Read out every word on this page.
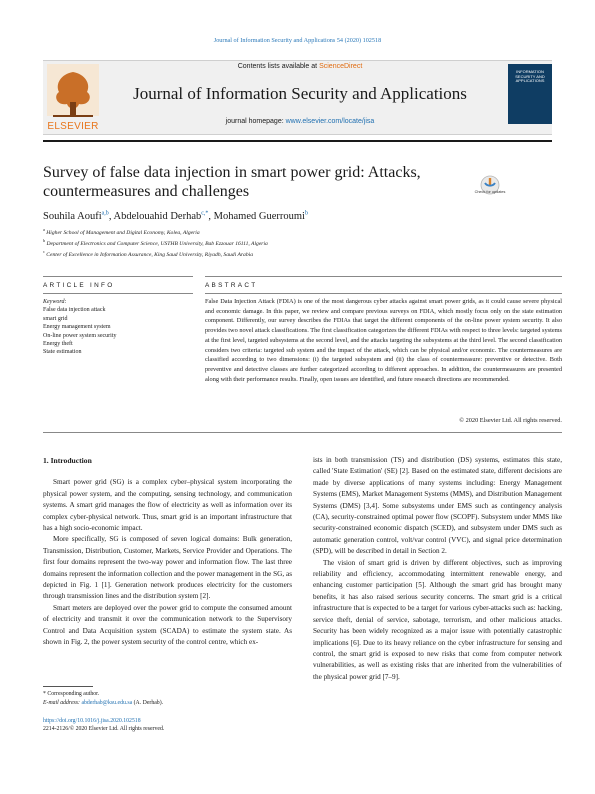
Journal of Information Security and Applications 54 (2020) 102518
ELSEVIER
Contents lists available at ScienceDirect
Journal of Information Security and Applications
journal homepage: www.elsevier.com/locate/jisa
INFORMATION SECURITY AND APPLICATIONS
Survey of false data injection in smart power grid: Attacks, countermeasures and challenges	Check for updates
Souhila Aoufi$^{a,b}$, Abdelouahid Derhab$^{c,*}$, Mohamed Guerroumi$^b$
$^a$ Higher School of Management and Digital Economy, Kolea, Algeria
$^b$ Department of Electronics and Computer Science, USTHB University, Bab Ezzouar 16111, Algeria
$^c$ Center of Excellence in Information Assurance, King Saud University, Riyadh, Saudi Arabia
ARTICLE INFO	ABSTRACT
Keyword:
False data injection attack
smart grid
Energy management system
On-line power system security
Energy theft
State estimation
False Data Injection Attack (FDIA) is one of the most dangerous cyber attacks against smart power grids, as it could cause severe physical and economic damage. In this paper, we review and compare previous surveys on FDIA, which mostly focus only on the state estimation component. Differently, our survey describes the FDIAs that target the different components of the on-line power system security. It also provides two novel attack classifications. The first classification categorizes the different FDIAs with respect to three levels: targeted systems at the first level, targeted subsystems at the second level, and the attacks targeting the subsystems at the third level. The second classification considers two criteria: targeted sub system and the impact of the attack, which can be physical and/or economic. The countermeasures are classified according to two dimensions: (i) the targeted subsystem and (ii) the class of countermeasure: preventive or detective. Both preventive and detective classes are further categorized according to different approaches. In addition, the countermeasures are presented along with their performance results. Finally, open issues are identified, and future research directions are recommended.
© 2020 Elsevier Ltd. All rights reserved.

1. Introduction

Smart power grid (SG) is a complex cyber–physical system incorporating the physical power system, and the computing, sensing technology, and communication systems. A smart grid manages the flow of electricity as well as information over its complex cyber-physical network. Thus, smart grid is an important infrastructure that has a high socio-economic impact.

More specifically, SG is composed of seven logical domains: Bulk generation, Transmission, Distribution, Customer, Markets, Service Provider and Operations. The first four domains represent the two-way power and information flow. The last three domains represent the information collection and the power management in the SG, as depicted in Fig. 1 [1]. Generation network produces electricity for the customers through transmission lines and the distribution system [2].

Smart meters are deployed over the power grid to compute the consumed amount of electricity and transmit it over the communication network to the Supervisory Control and Data Acquisition system (SCADA) to estimate the system state. As shown in Fig. 2, the power system security of the control centre, which ex-

ists in both transmission (TS) and distribution (DS) systems, estimates this state, called 'State Estimation' (SE) [2]. Based on the estimated state, different decisions are made by diverse applications of many systems including: Energy Management Systems (EMS), Market Management Systems (MMS), and Distribution Management Systems (DMS) [3,4]. Some subsystems under EMS such as contingency analysis (CA), security-constrained optimal power flow (SCOPF). Subsystem under MMS like security-constrained economic dispatch (SCED), and subsystem under DMS such as automatic generation control, volt/var control (VVC), and signal price determination (SPD), will be described in detail in Section 2.

The vision of smart grid is driven by different objectives, such as improving reliability and efficiency, accommodating intermittent renewable energy, and enhancing customer participation [5]. Although the smart grid has brought many benefits, it has also raised serious security concerns. The smart grid is a critical infrastructure that is expected to be a target for various cyber-attacks such as: hacking, service theft, denial of service, sabotage, terrorism, and other malicious attacks. Security has been widely recognized as a major issue with potentially catastrophic implications [6]. Due to its heavy reliance on the cyber infrastructure for sensing and control, the smart grid is exposed to new risks that come from computer network vulnerabilities, as well as existing risks that are inherited from the vulnerabilities of the physical power grid [7–9].

* Corresponding author.
E-mail address: abderhab@ksu.edu.sa (A. Derhab).
https://doi.org/10.1016/j.jisa.2020.102518
2214-2126/© 2020 Elsevier Ltd. All rights reserved.
